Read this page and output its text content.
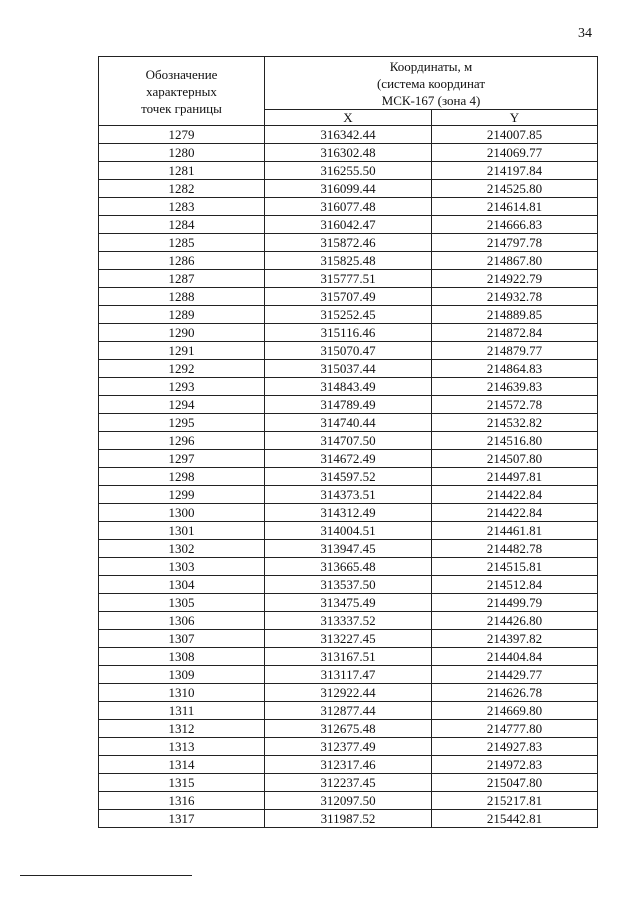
34
Обозначение
характерных
точек границы	Координаты, м
(система координат
МСК-167 (зона 4)	

	X	Y
1279	316342.44	214007.85
1280	316302.48	214069.77
1281	316255.50	214197.84
1282	316099.44	214525.80
1283	316077.48	214614.81
1284	316042.47	214666.83
1285	315872.46	214797.78
1286	315825.48	214867.80
1287	315777.51	214922.79
1288	315707.49	214932.78
1289	315252.45	214889.85
1290	315116.46	214872.84
1291	315070.47	214879.77
1292	315037.44	214864.83
1293	314843.49	214639.83
1294	314789.49	214572.78
1295	314740.44	214532.82
1296	314707.50	214516.80
1297	314672.49	214507.80
1298	314597.52	214497.81
1299	314373.51	214422.84
1300	314312.49	214422.84
1301	314004.51	214461.81
1302	313947.45	214482.78
1303	313665.48	214515.81
1304	313537.50	214512.84
1305	313475.49	214499.79
1306	313337.52	214426.80
1307	313227.45	214397.82
1308	313167.51	214404.84
1309	313117.47	214429.77
1310	312922.44	214626.78
1311	312877.44	214669.80
1312	312675.48	214777.80
1313	312377.49	214927.83
1314	312317.46	214972.83
1315	312237.45	215047.80
1316	312097.50	215217.81
1317	311987.52	215442.81
